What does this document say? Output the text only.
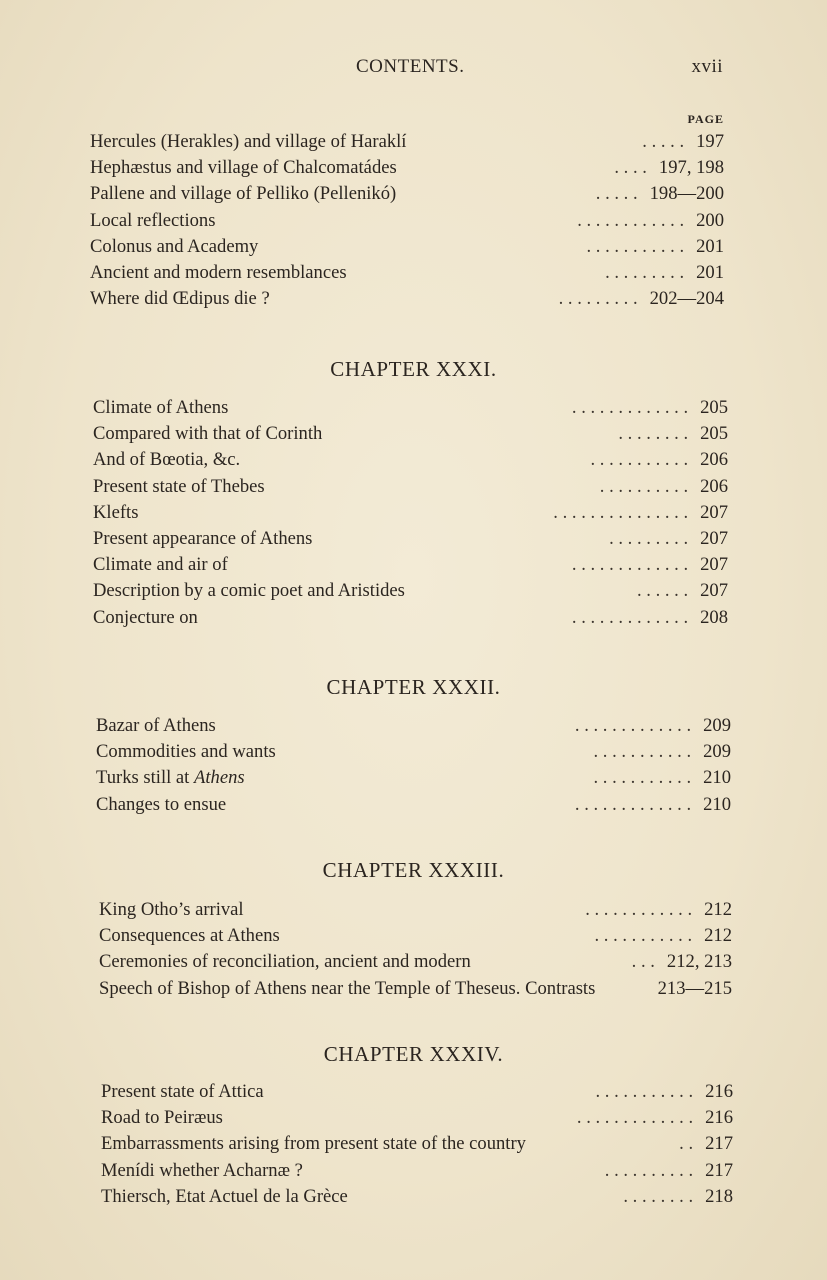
CONTENTS.	xvii
PAGE
Hercules (Herakles) and village of Haraklí	197
. . . . .
Hephæstus and village of Chalcomatádes	197, 198
. . . .
Pallene and village of Pelliko (Pellenikó)	198—200
. . . . .
Local reflections	200
. . . . . . . . . . . .
Colonus and Academy	201
. . . . . . . . . . .
Ancient and modern resemblances	201
. . . . . . . . .
Where did Œdipus die ?	202—204
. . . . . . . . .
CHAPTER XXXI.
Climate of Athens	205
. . . . . . . . . . . . .
Compared with that of Corinth	205
. . . . . . . .
And of Bœotia, &c.	206
. . . . . . . . . . .
Present state of Thebes	206
. . . . . . . . . .
Klefts	207
. . . . . . . . . . . . . . .
Present appearance of Athens	207
. . . . . . . . .
Climate and air of	207
. . . . . . . . . . . . .
Description by a comic poet and Aristides	207
. . . . . .
Conjecture on	208
. . . . . . . . . . . . .
CHAPTER XXXII.
Bazar of Athens	209
. . . . . . . . . . . . .
Commodities and wants	209
. . . . . . . . . . .
Turks still at Athens	210
. . . . . . . . . . .
Changes to ensue	210
. . . . . . . . . . . . .
CHAPTER XXXIII.
King Otho’s arrival	212
. . . . . . . . . . . .
Consequences at Athens	212
. . . . . . . . . . .
Ceremonies of reconciliation, ancient and modern	212, 213
. . .
Speech of Bishop of Athens near the Temple of Theseus. Contrasts	213—215
CHAPTER XXXIV.
Present state of Attica	216
. . . . . . . . . . .
Road to Peiræus	216
. . . . . . . . . . . . .
Embarrassments arising from present state of the country	217
. .
Menídi whether Acharnæ ?	217
. . . . . . . . . .
Thiersch, Etat Actuel de la Grèce	218
. . . . . . . .
